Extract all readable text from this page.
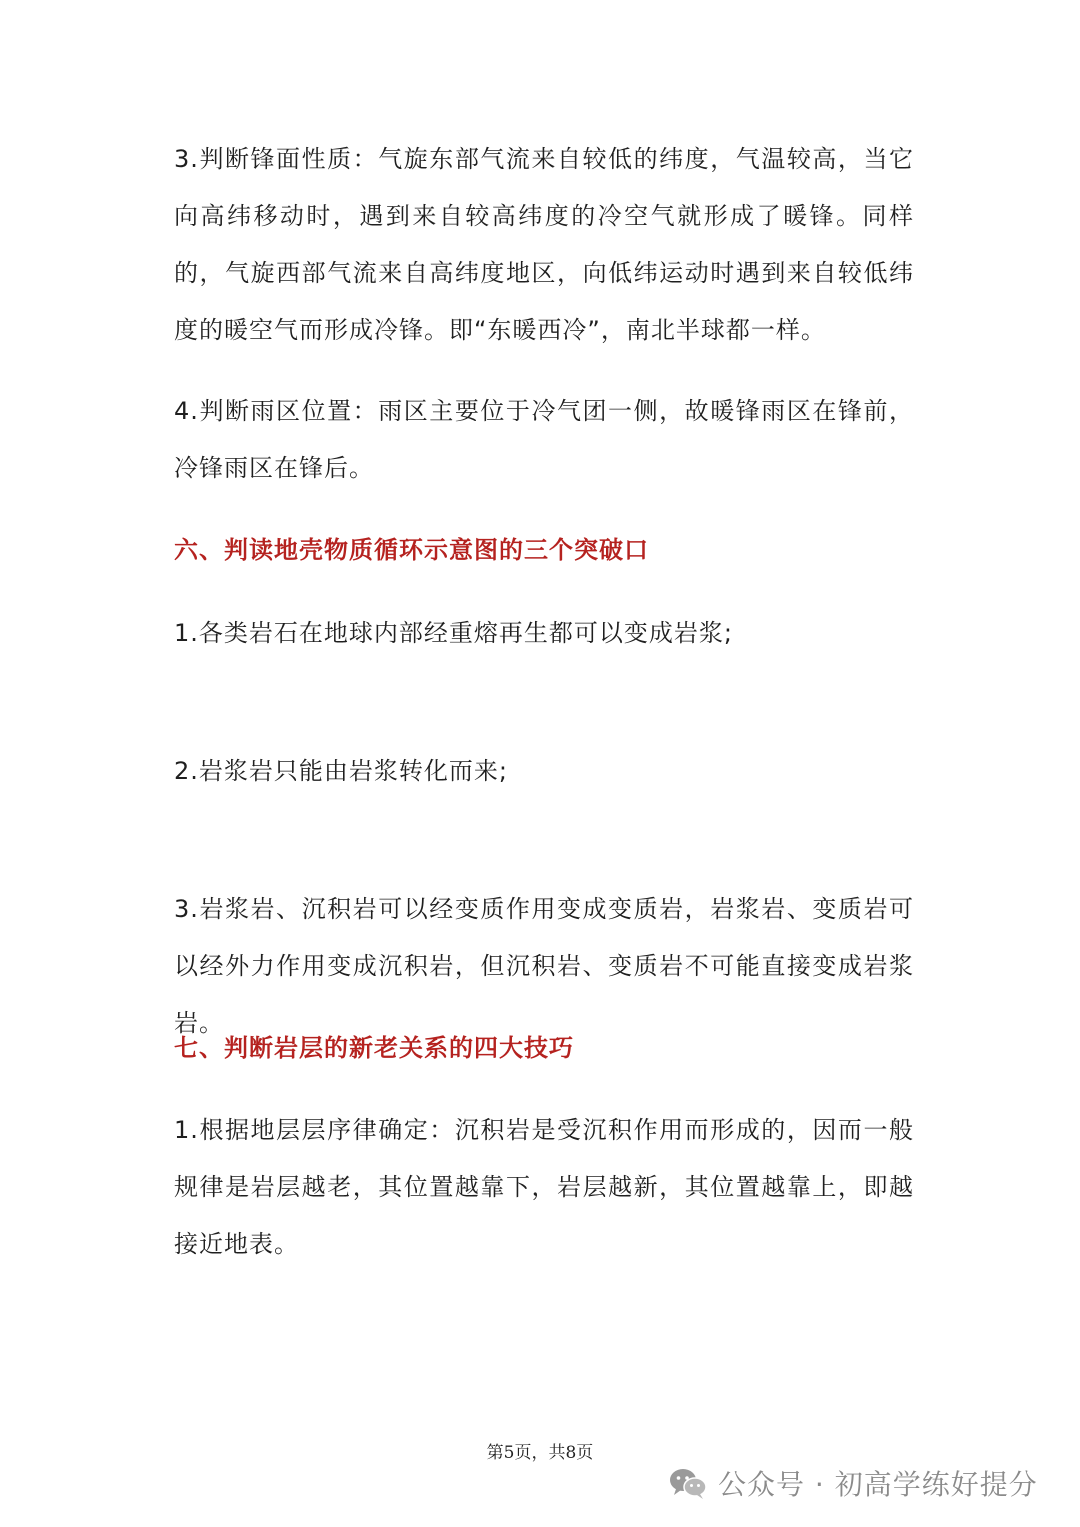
3.判断锋面性质：气旋东部气流来自较低的纬度，气温较高，当它向高纬移动时，遇到来自较高纬度的冷空气就形成了暖锋。同样的，气旋西部气流来自高纬度地区，向低纬运动时遇到来自较低纬度的暖空气而形成冷锋。即“东暖西冷”，南北半球都一样。

4.判断雨区位置：雨区主要位于冷气团一侧，故暖锋雨区在锋前，冷锋雨区在锋后。

六、判读地壳物质循环示意图的三个突破口

1.各类岩石在地球内部经重熔再生都可以变成岩浆;

2.岩浆岩只能由岩浆转化而来;

3.岩浆岩、沉积岩可以经变质作用变成变质岩，岩浆岩、变质岩可以经外力作用变成沉积岩，但沉积岩、变质岩不可能直接变成岩浆岩。

七、判断岩层的新老关系的四大技巧

1.根据地层层序律确定：沉积岩是受沉积作用而形成的，因而一般规律是岩层越老，其位置越靠下，岩层越新，其位置越靠上，即越接近地表。

第5页，共8页
公众号 · 初高学练好提分
